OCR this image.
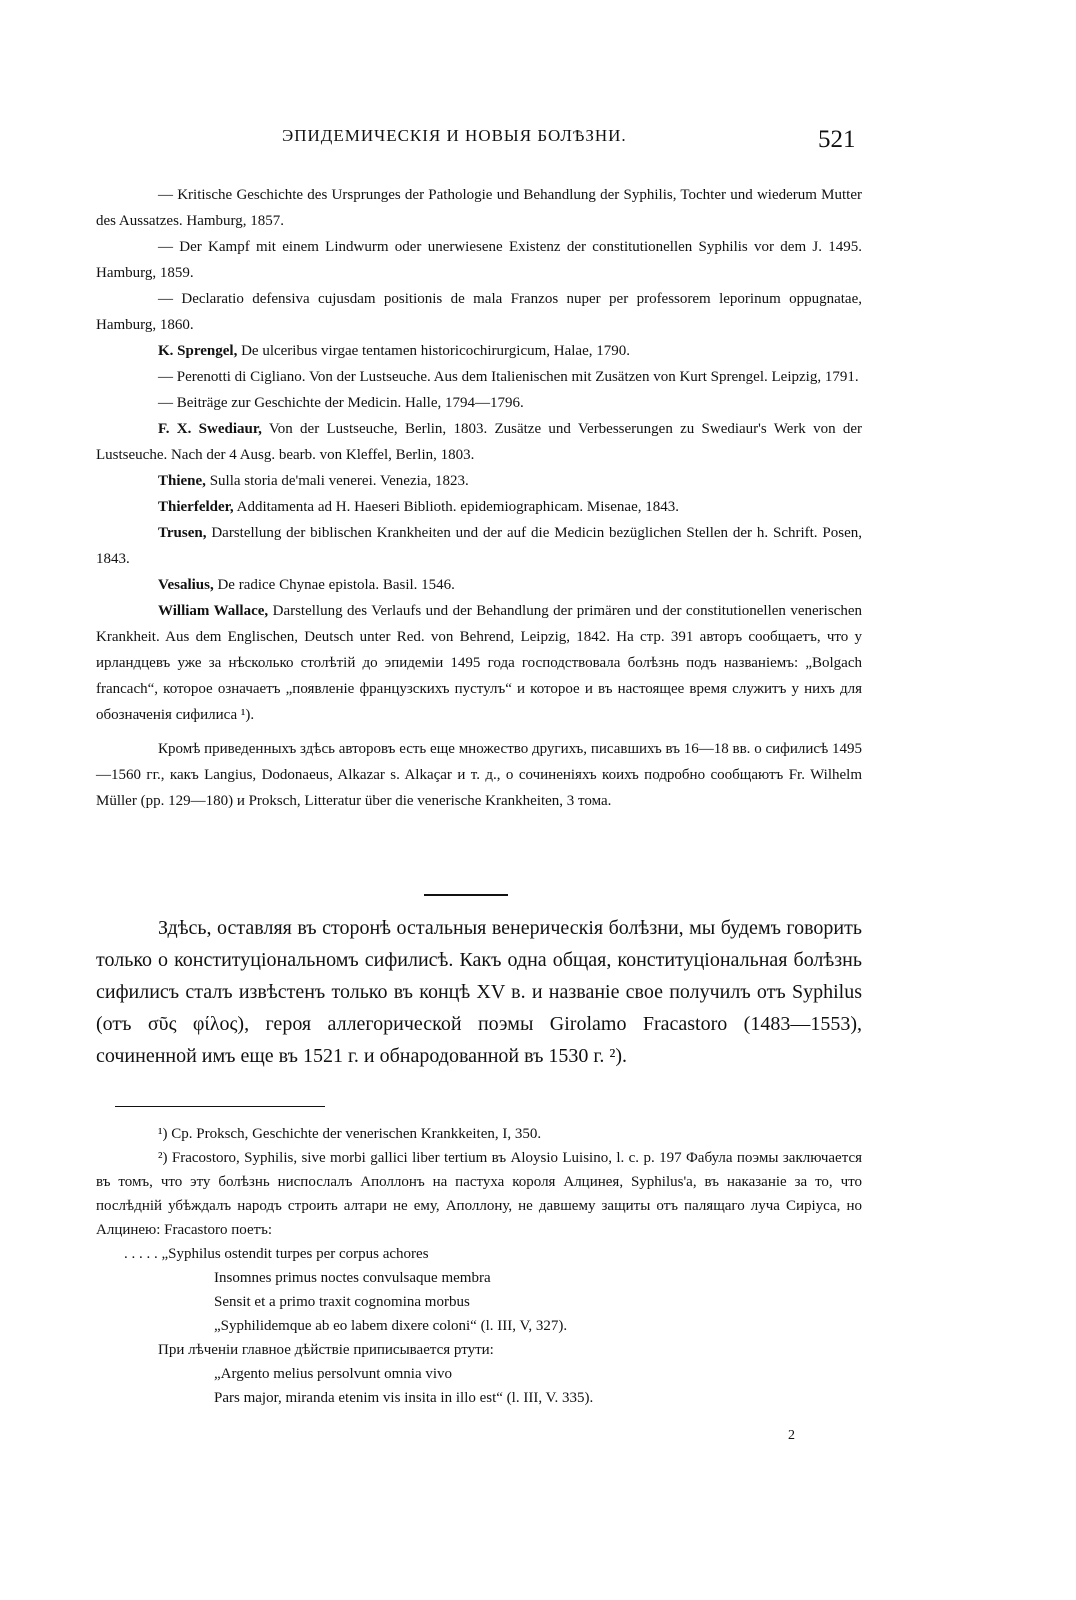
ЭПИДЕМИЧЕСКІЯ И НОВЫЯ БОЛѢЗНИ.	521

— Kritische Geschichte des Ursprunges der Pathologie und Behandlung der Syphilis, Tochter und wiederum Mutter des Aussatzes. Hamburg, 1857.

— Der Kampf mit einem Lindwurm oder unerwiesene Existenz der constitutionellen Syphilis vor dem J. 1495. Hamburg, 1859.

— Declaratio defensiva cujusdam positionis de mala Franzos nuper per professorem leporinum oppugnatae, Hamburg, 1860.

K. Sprengel, De ulceribus virgae tentamen historicochirurgicum, Halae, 1790.

— Perenotti di Cigliano. Von der Lustseuche. Aus dem Italienischen mit Zusätzen von Kurt Sprengel. Leipzig, 1791.

— Beiträge zur Geschichte der Medicin. Halle, 1794—1796.

F. X. Swediaur, Von der Lustseuche, Berlin, 1803. Zusätze und Verbesserungen zu Swediaur's Werk von der Lustseuche. Nach der 4 Ausg. bearb. von Kleffel, Berlin, 1803.

Thiene, Sulla storia de'mali venerei. Venezia, 1823.

Thierfelder, Additamenta ad H. Haeseri Biblioth. epidemiographicam. Misenae, 1843.

Trusen, Darstellung der biblischen Krankheiten und der auf die Medicin bezüglichen Stellen der h. Schrift. Posen, 1843.

Vesalius, De radice Chynae epistola. Basil. 1546.

William Wallace, Darstellung des Verlaufs und der Behandlung der primären und der constitutionellen venerischen Krankheit. Aus dem Englischen, Deutsch unter Red. von Behrend, Leipzig, 1842. На стр. 391 авторъ сообщаетъ, что у ирландцевъ уже за нѣсколько столѣтій до эпидеміи 1495 года господствовала болѣзнь подъ названіемъ: „Bolgach francach“, которое означаетъ „появленіе французскихъ пустулъ“ и которое и въ настоящее время служитъ у нихъ для обозначенія сифилиса ¹).

Кромѣ приведенныхъ здѣсь авторовъ есть еще множество другихъ, писавшихъ въ 16—18 вв. о сифилисѣ 1495—1560 гг., какъ Langius, Dodonaeus, Alkazar s. Alkaçar и т. д., о сочиненіяхъ коихъ подробно сообщаютъ Fr. Wilhelm Müller (pp. 129—180) и Proksch, Litteratur über die venerische Krankheiten, 3 тома.

Здѣсь, оставляя въ сторонѣ остальныя венерическія болѣзни, мы будемъ говорить только о конституціональномъ сифилисѣ. Какъ одна общая, конституціональная болѣзнь сифилисъ сталъ извѣстенъ только въ концѣ XV в. и названіе свое получилъ отъ Syphilus (отъ σῦς φίλος), героя аллегорической поэмы Girolamo Fracastoro (1483—1553), сочиненной имъ еще въ 1521 г. и обнародованной въ 1530 г. ²).

¹) Cp. Proksch, Geschichte der venerischen Krankkeiten, I, 350.

²) Fracostoro, Syphilis, sive morbi gallici liber tertium въ Aloysio Luisino, l. c. p. 197 Фабула поэмы заключается въ томъ, что эту болѣзнь ниспослалъ Аполлонъ на пастуха короля Алцинея, Syphilus'а, въ наказаніе за то, что послѣдній убѣждалъ народъ строить алтари не ему, Аполлону, не давшему защиты отъ палящаго луча Сиріуса, но Алцинею: Fracastoro поетъ:

. . . . . „Syphilus ostendit turpes per corpus achores

Insomnes primus noctes convulsaque membra

Sensit et a primo traxit cognomina morbus

„Syphilidemque ab eo labem dixere coloni“ (l. III, V, 327).

При лѣченіи главное дѣйствіе приписывается ртути:

„Argento melius persolvunt omnia vivo

Pars major, miranda etenim vis insita in illo est“ (l. III, V. 335).

2
